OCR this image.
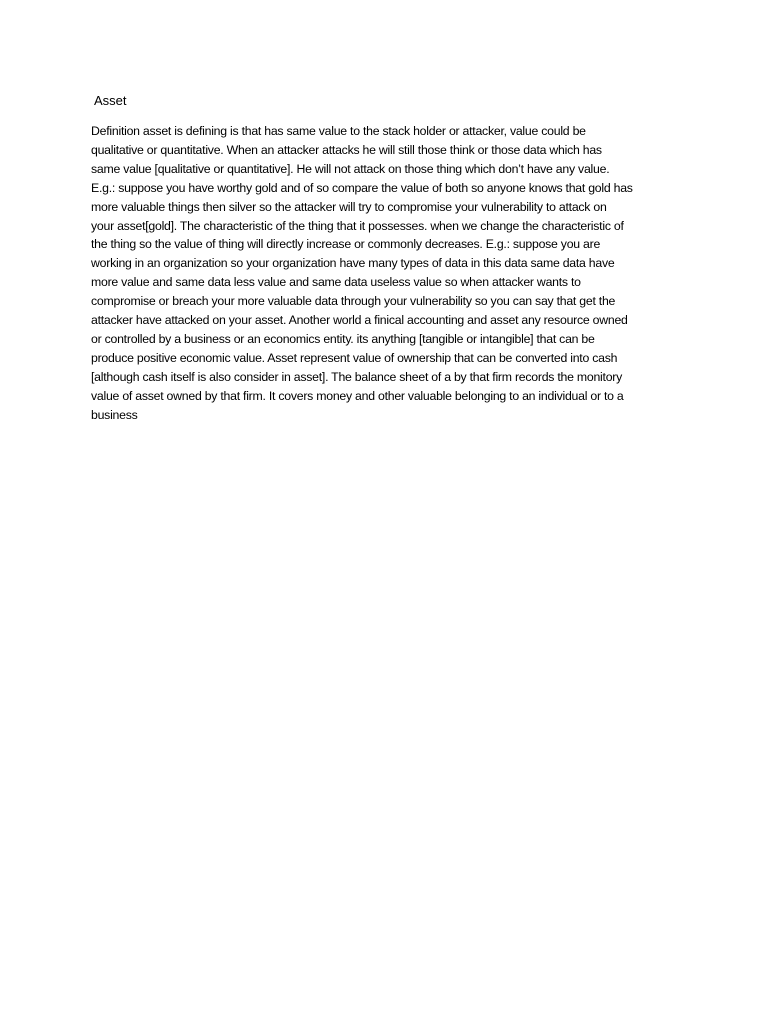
Asset
Definition asset is defining is that has same value to the stack holder or attacker, value could be
qualitative or quantitative. When an attacker attacks he will still those think or those data which has
same value [qualitative or quantitative]. He will not attack on those thing which don’t have any value.
E.g.: suppose you have worthy gold and of so compare the value of both so anyone knows that gold has
more valuable things then silver so the attacker will try to compromise your vulnerability to attack on
your asset[gold]. The characteristic of the thing that it possesses. when we change the characteristic of
the thing so the value of thing will directly increase or commonly decreases. E.g.: suppose you are
working in an organization so your organization have many types of data in this data same data have
more value and same data less value and same data useless value so when attacker wants to
compromise or breach your more valuable data through your vulnerability so you can say that get the
attacker have attacked on your asset. Another world a finical accounting and asset any resource owned
or controlled by a business or an economics entity. its anything [tangible or intangible] that can be
produce positive economic value. Asset represent value of ownership that can be converted into cash
[although cash itself is also consider in asset]. The balance sheet of a by that firm records the monitory
value of asset owned by that firm. It covers money and other valuable belonging to an individual or to a
business
